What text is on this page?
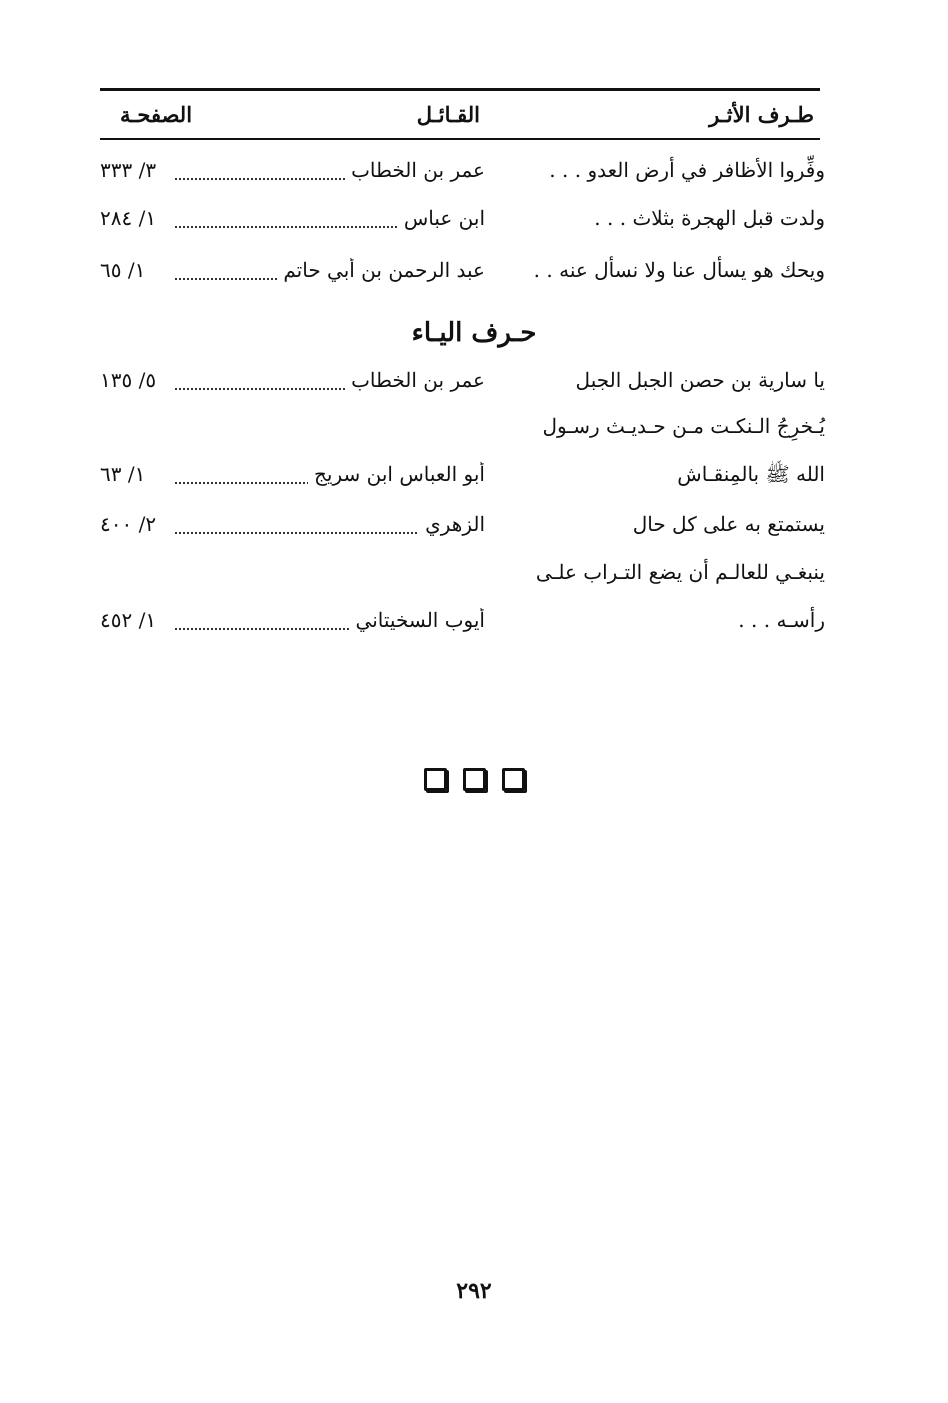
طـرف الأثـر
القـائـل
الصفحـة
وفِّروا الأظافر في أرض العدو . . .
عمر بن الخطاب
٣/ ٣٣٣
ولدت قبل الهجرة بثلاث . . .
ابن عباس
١/ ٢٨٤
ويحك هو يسأل عنا ولا نسأل عنه . .
عبد الرحمن بن أبي حاتم
١/ ٦٥
حـرف اليـاء
يا سارية بن حصن الجبل الجبل
عمر بن الخطاب
٥/ ١٣٥
يُـخرِجُ الـنكـت مـن حـديـث رسـول
الله ﷺ بالمِنقـاش
أبو العباس ابن سريج
١/ ٦٣
يستمتع به على كل حال
الزهري
٢/ ٤٠٠
ينبغـي للعالـم أن يضع التـراب علـى
رأسـه . . .
أيوب السخيتاني
١/ ٤٥٢
٢٩٢
